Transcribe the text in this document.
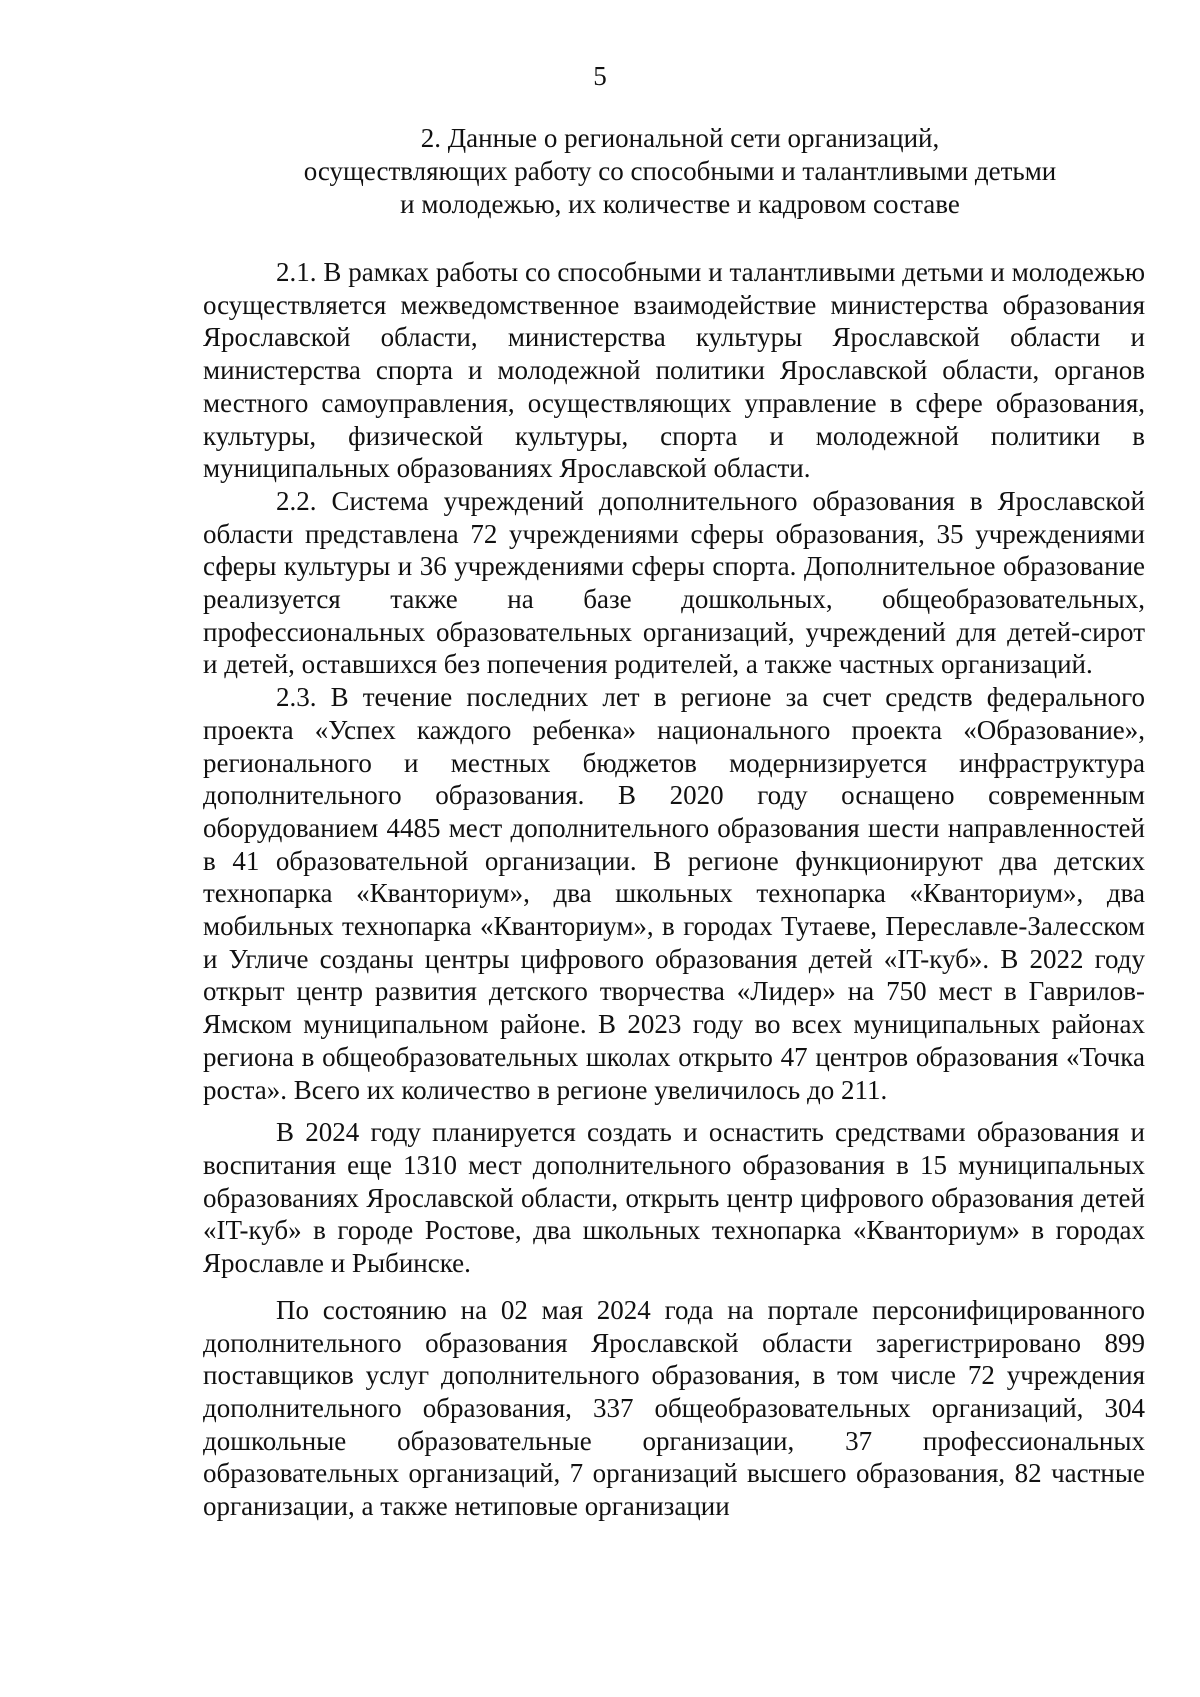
5
2. Данные о региональной сети организаций,
осуществляющих работу со способными и талантливыми детьми
и молодежью, их количестве и кадровом составе

2.1. В рамках работы со способными и талантливыми детьми и молодежью осуществляется межведомственное взаимодействие министерства образования Ярославской области, министерства культуры Ярославской области и министерства спорта и молодежной политики Ярославской области, органов местного самоуправления, осуществляющих управление в сфере образования, культуры, физической культуры, спорта и молодежной политики в муниципальных образованиях Ярославской области.

2.2. Система учреждений дополнительного образования в Ярославской области представлена 72 учреждениями сферы образования, 35 учреждениями сферы культуры и 36 учреждениями сферы спорта. Дополнительное образование реализуется также на базе дошкольных, общеобразовательных, профессиональных образовательных организаций, учреждений для детей-сирот и детей, оставшихся без попечения родителей, а также частных организаций.

2.3. В течение последних лет в регионе за счет средств федерального проекта «Успех каждого ребенка» национального проекта «Образование», регионального и местных бюджетов модернизируется инфраструктура дополнительного образования. В 2020 году оснащено современным оборудованием 4485 мест дополнительного образования шести направленностей в 41 образовательной организации. В регионе функционируют два детских технопарка «Кванториум», два школьных технопарка «Кванториум», два мобильных технопарка «Кванториум», в городах Тутаеве, Переславле-Залесском и Угличе созданы центры цифрового образования детей «IT-куб». В 2022 году открыт центр развития детского творчества «Лидер» на 750 мест в Гаврилов-Ямском муниципальном районе. В 2023 году во всех муниципальных районах региона в общеобразовательных школах открыто 47 центров образования «Точка роста». Всего их количество в регионе увеличилось до 211.

В 2024 году планируется создать и оснастить средствами образования и воспитания еще 1310 мест дополнительного образования в 15 муниципальных образованиях Ярославской области, открыть центр цифрового образования детей «IT-куб» в городе Ростове, два школьных технопарка «Кванториум» в городах Ярославле и Рыбинске.

По состоянию на 02 мая 2024 года на портале персонифицированного дополнительного образования Ярославской области зарегистрировано 899 поставщиков услуг дополнительного образования, в том числе 72 учреждения дополнительного образования, 337 общеобразовательных организаций, 304 дошкольные образовательные организации, 37 профессиональных образовательных организаций, 7 организаций высшего образования, 82 частные организации, а также нетиповые организации
